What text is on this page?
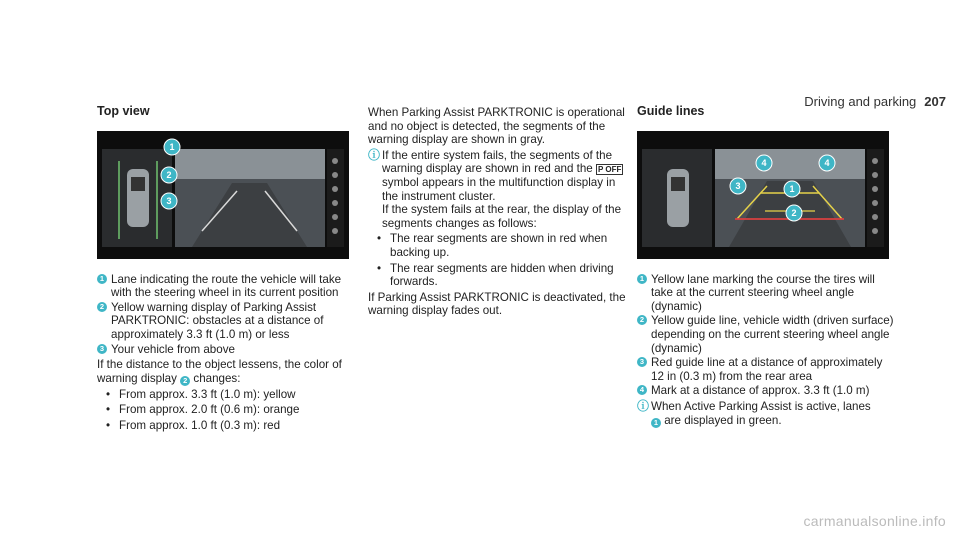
Driving and parking 207
Top view
1
2
3
1 Lane indicating the route the vehicle will take with the steering wheel in its current position
2 Yellow warning display of Parking Assist PARKTRONIC: obstacles at a distance of approximately 3.3 ft (1.0 m) or less
3 Your vehicle from above

If the distance to the object lessens, the color of warning display 2 changes:

• From approx. 3.3 ft (1.0 m): yellow
• From approx. 2.0 ft (0.6 m): orange
• From approx. 1.0 ft (0.3 m): red

When Parking Assist PARKTRONIC is operational and no object is detected, the segments of the warning display are shown in gray.

ⓘ If the entire system fails, the segments of the warning display are shown in red and the P OFF symbol appears in the multifunction display in the instrument cluster.
If the system fails at the rear, the display of the segments changes as follows:
• The rear segments are shown in red when backing up.
• The rear segments are hidden when driving forwards.

If Parking Assist PARKTRONIC is deactivated, the warning display fades out.

Guide lines
4	4
3	1
2
1 Yellow lane marking the course the tires will take at the current steering wheel angle (dynamic)
2 Yellow guide line, vehicle width (driven surface) depending on the current steering wheel angle (dynamic)
3 Red guide line at a distance of approximately 12 in (0.3 m) from the rear area
4 Mark at a distance of approx. 3.3 ft (1.0 m)
ⓘ When Active Parking Assist is active, lanes
1 are displayed in green.
carmanualsonline.info
